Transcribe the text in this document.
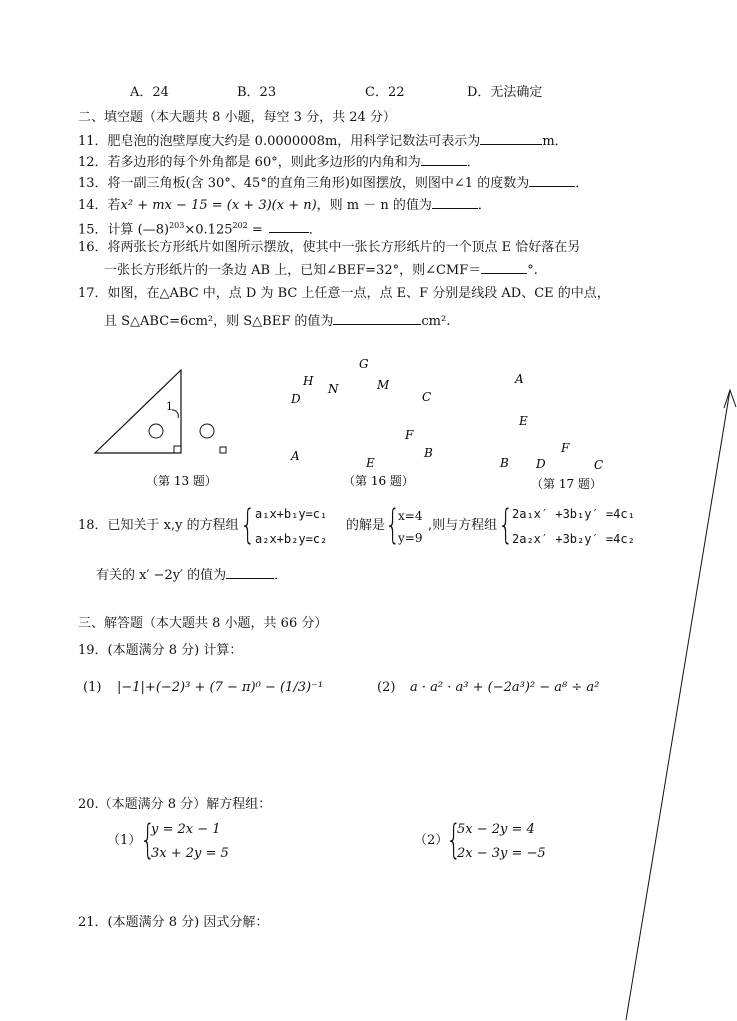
A．24	B．23	C．22	D．无法确定
二、填空题（本大题共 8 小题，每空 3 分，共 24 分）
11．肥皂泡的泡壁厚度大约是 0.0000008m，用科学记数法可表示为	m．
12．若多边形的每个外角都是 60°，则此多边形的内角和为	．
13．将一副三角板(含 30°、45°的直角三角形)如图摆放，则图中∠1 的度数为	．
14．若x² + mx − 15 = (x + 3)(x + n)，则 m － n 的值为	．
15．计算 $(—8)^{203}\times 0.125^{202}$ =	．
16．将两张长方形纸片如图所示摆放，使其中一张长方形纸片的一个顶点 E 恰好落在另
一张长方形纸片的一条边 AB 上，已知∠BEF=32°，则∠CMF＝	°.
17．如图，在△ABC 中，点 D 为 BC 上任意一点，点 E、F 分别是线段 AD、CE 的中点，
且 S△ABC=6cm²，则 S△BEF 的值为	cm².
1
（第 13 题）
G
H
N	M
D	C
F
B
A	E
（第 16 题）
A
E
F
B D	C
（第 17 题）
18．已知关于 x,y 的方程组 { a₁x+b₁y=c₁
a₂x+b₂y=c₂
的解是 {
x=4
y=9
,则与方程组 {
2a₁x′ +3b₁y′ =4c₁
2a₂x′ +3b₂y′ =4c₂
有关的 x′ −2y′ 的值为	．
三、解答题（本大题共 8 小题，共 66 分）
19．(本题满分 8 分) 计算：
(1) |−1|+(−2)³ + (7 − π)⁰ − (1/3)⁻¹	(2) a · a² · a³ + (−2a³)² − a⁸ ÷ a²
20.（本题满分 8 分）解方程组：
（1）
{
y = 2x − 1
3x + 2y = 5
（2）
{
5x − 2y = 4
2x − 3y = −5
21．(本题满分 8 分) 因式分解：
